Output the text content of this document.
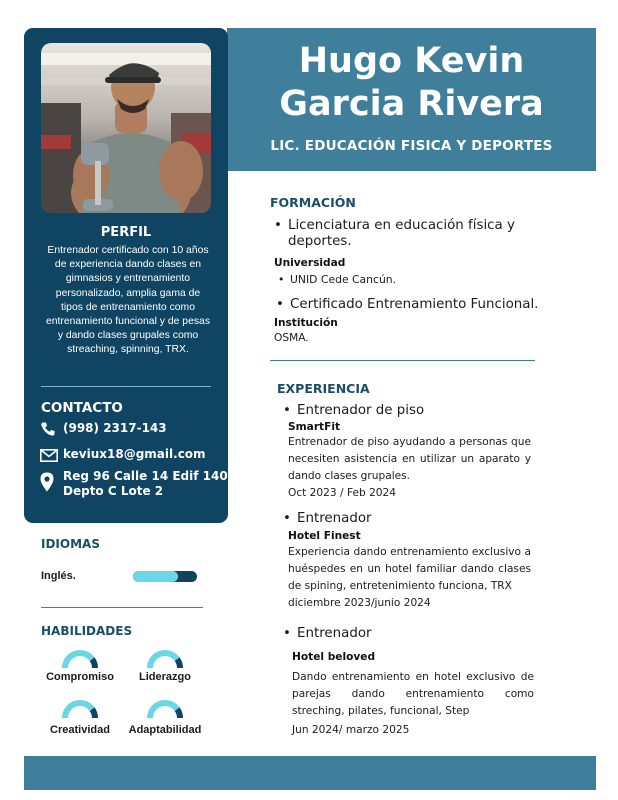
Hugo Kevin
Garcia Rivera
LIC. EDUCACIÓN FISICA Y DEPORTES
PERFIL
Entrenador certificado con 10 años de experiencia dando clases en gimnasios y entrenamiento personalizado, amplia gama de tipos de entrenamiento como entrenamiento funcional y de pesas y dando clases grupales como streaching, spinning, TRX.
CONTACTO
(998) 2317-143
keviux18@gmail.com
Reg 96 Calle 14 Edif 1409
Depto C Lote 2
IDIOMAS
Inglés.
HABILIDADES
Compromiso	Liderazgo
Creatividad	Adaptabilidad
FORMACIÓN
• Licenciatura en educación física y
deportes.
Universidad
• UNID Cede Cancún.
• Certificado Entrenamiento Funcional.
Institución
OSMA.
EXPERIENCIA
• Entrenador de piso
SmartFit
Entrenador de piso ayudando a personas que necesiten asistencia en utilizar un aparato y dando clases grupales.
Oct 2023 / Feb 2024
• Entrenador
Hotel Finest
Experiencia dando entrenamiento exclusivo a huéspedes en un hotel familiar dando clases de spining, entretenimiento funciona, TRX
diciembre 2023/junio 2024
• Entrenador
Hotel beloved
Dando entrenamiento en hotel exclusivo de parejas dando entrenamiento como streching, pilates, funcional, Step
Jun 2024/ marzo 2025
